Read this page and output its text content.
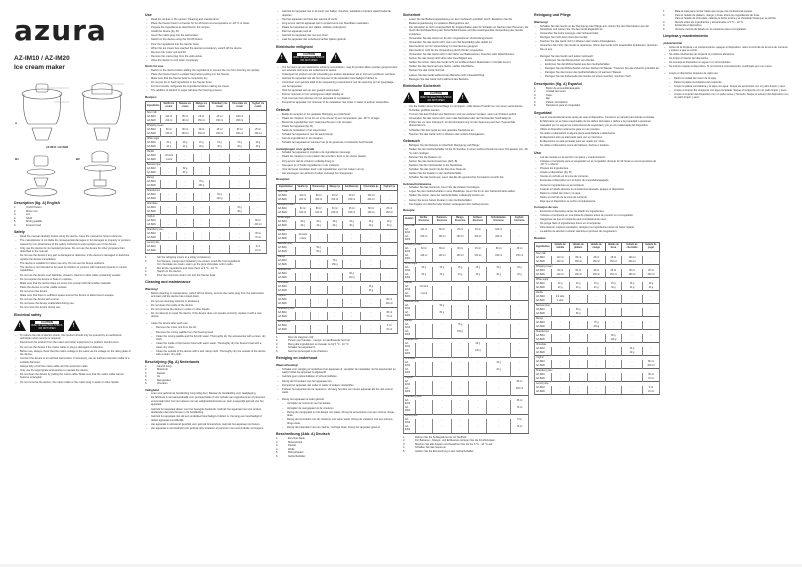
azura
AZ-IM10 / AZ-IM20
Ice cream maker
A
AZ-IM10 / AZ-IM20
B1	B2
Description (fig. A) English
1.	On/Off button
2.	Motor unit
3.	Lid
4.	Shaft
5.	Mixing paddle
6.	Freezer bowl
Safety
– Read the manual carefully before using the device. Keep the manual for future reference.
– The manufacturer is not liable for consequential damages or for damages to property or persons caused by non-observance of the safety instructions and improper use of the device.
– Only use the device for its intended purpose. Do not use the device for other purposes than described in the manual.
– Do not use the device if any part is damaged or defective. If the device is damaged or defective, replace the device immediately.
– The device is suitable for indoor use only. Do not use the device outdoors.
– The device is not intended to be used by children or persons with reduced physical or mental capabilities.
– Do not use the device near bathtubs, showers, basins or other water containing vessels.
– Do not expose the device to heat or moisture.
– Make sure that the device does not come into contact with flammable materials.
– Place the device on a flat, stable surface.
– Do not cover the device.
– Make sure that there is sufficient space around the device to allow heat to escape.
– Do not use the device with a timer.
– Do not leave the device unattended during use.
– Do not move the device during use.
Electrical safety
!
CAUTION
RISK OF ELECTRIC SHOCK DO NOT OPEN
!
– To reduce the risk of electric shock, this product should only be opened by an authorized technician when service is required.
– Disconnect the product from the mains and other equipment if a problem should occur.
– Do not use the device if the mains cable or plug is damaged or defective.
– Before use, always check that the mains voltage is the same as the voltage on the rating plate of the device.
– Connect the device to an earthed wall socket. If necessary, use an earthed extension cable of a suitable diameter.
– Always fully unroll the mains cable and the extension cable.
– Only use the appropriate accessories to operate the device.
– Do not clean the device by pulling the mains cable. Make sure that the mains cable cannot become entangled.
– Do not immerse the device, the mains cable or the mains plug in water or other liquids.
Use
– Read the recipes in the section 'Cleaning and maintenance'.
– Place the freezer bowl in a freezer for 12-16 hours at a temperature of -18 °C or lower.
– Prepare the ingredients as described in the recipes.
– Install the device (fig. B).
– Insert the mains plug into the wall socket.
– Switch on the device using the On/Off button.
– Pour the ingredients into the freezer bowl.
– When the ice cream has reached the desired consistency, switch off the device.
– Remove the motor unit and lid.
– Remove the mains plug from the wall socket.
– Allow the device to cool down completely.
Hints for use
– Switch on the device before adding the ingredients to prevent the mix from freezing too quickly.
– Place the freezer bowl in a plastic bag before putting it in the freezer.
– Make sure that the freezer bowl is completely dry.
– Do not put ice or hard ingredients in the freezer bowl.
– For best results, refrigerate the ingredients before making ice cream.
– The addition of alcohol or sugar will slow the freezing process.
Recipes
Ingredients	Vanilla ice cream	Banana ice cream	Mango ice cream	Strawberry ice cream	Chocolate ice cream	Yoghurt ice cream
Sour milk						
AZ-IM10	110 ml	80 ml	25 ml	45 ml	100 ml	-
AZ-IM20	220 ml	160 ml	150 ml	150 ml	200 ml	-
Whipping cream						
AZ-IM10	60 ml	80 ml	30 ml	45 ml	80 ml	25 ml
AZ-IM20	120 ml	160 ml	150 ml	150 ml	160 ml	150 ml
White sugar						
AZ-IM10	20 g	20 g	15 g	15 g	15 g	20 g
AZ-IM20	40 g	40 g	40 g	30 g	40 g	40 g
Vanilla						
AZ-IM10	1/2 stick	-	-	-	-	-
AZ-IM20	1 stick	-	-	-	-	-
Banana (ripe)						
AZ-IM10	-	50 g	-	-	-	-
AZ-IM20	-	80 g	-	-	-	-
Mango						
AZ-IM10	-	-	75 g	-	-	-
AZ-IM20	-	-	150 g	-	-	-
Strawberries						
AZ-IM10	-	-	-	60 g	-	-
AZ-IM20	-	-	-	120 g	-	-
Chocolate						
AZ-IM10	-	-	-	-	15 g	-
AZ-IM20	-	-	-	-	40 g	-
Yoghurt						
AZ-IM10	-	-	-	-	-	80 ml
AZ-IM20	-	-	-	-	-	200 ml
Strawberry juice						
AZ-IM10	-	-	-	-	-	35 ml
AZ-IM20	-	-	-	-	-	70 ml
Lemon juice						
AZ-IM10	-	-	-	-	-	5 ml
AZ-IM20	-	-	-	-	-	10 ml
1.	Stir the whipping cream to a sticky consistency.
2.	For banana, mango and strawberry ice cream, mash the fruit ingredients.
For chocolate ice cream, warm up the pure chocolate until it melts.
3.	Mix all the ingredients and store them at 5 °C - 10 °C.
4.	Switch on the device.
5.	Pour the mixed ice cream mix into the freezer bowl.
Cleaning and maintenance
Warning!
– Before cleaning or maintenance, switch off the device, remove the mains plug from the wall socket and wait until the device has cooled down.
– Do not use cleaning solvents or abrasives.
– Do not clean the inside of the device.
– Do not immerse the device in water or other liquids.
– Do not attempt to repair the device. If the device does not operate correctly, replace it with a new device.
– Clean the device after each use:
– Remove the motor unit from the lid.
– Remove the mixing paddle from the freezing bowl.
– Clean the mixing paddle and the lid with water. Thoroughly dry the accessories with a clean, dry cloth.
– Clean the inside of the freezer bowl with warm water. Thoroughly dry the freezer bowl with a clean, dry cloth.
– Clean the outside of the device with a soft, damp cloth. Thoroughly dry the outside of the device with a clean, dry cloth.
Beschrijving (fig. A) Nederlands
1.	Aan/uit-knop
2.	Motorunit
3.	Deksel
4.	As
5.	Mengspatel
6.	Vrieskom
Veiligheid
– Lees voor gebruik de handleiding zorgvuldig door. Bewaar de handleiding voor raadpleging.
– De fabrikant is niet aansprakelijk voor gevolgschade of voor schade aan eigendommen of personen, veroorzaakt door het niet naleven van de veiligheidsinstructies en door oneigenlijk gebruik van het apparaat.
– Gebruik het apparaat alleen voor het beoogde doeleinde. Gebruik het apparaat niet voor andere doeleinden dan beschreven in de handleiding.
– Gebruik het apparaat niet als een onderdeel beschadigd of defect is. Vervang een beschadigd of defect apparaat onmiddellijk.
– Het apparaat is uitsluitend geschikt voor gebruik binnenshuis. Gebruik het apparaat niet buiten.
– Het apparaat is niet bedoeld voor gebruik door kinderen of personen met verminderde vermogens.
– Gebruik het apparaat niet in de buurt van baden, douches, wastafels of andere waterhoudende objecten.
– Stel het apparaat niet bloot aan warmte of vocht.
– Zorg ervoor dat het apparaat niet in contact komt met brandbare materialen.
– Plaats het apparaat op een vlakke, stabiele ondergrond.
– Dek het apparaat nooit af.
– Gebruik het apparaat niet met een timer.
– Laat het apparaat niet onbeheerd achter tijdens gebruik.
Elektrische veiligheid
!
CAUTION
RISK OF ELECTRIC SHOCK DO NOT OPEN
!
– Om het risico op een elektrische schok te verminderen, mag dit product alleen worden geopend door een erkende technicus als onderhoud is vereist.
– Ontkoppel het product van de netvoeding en andere apparatuur als er zich een probleem voordoet.
– Gebruik het apparaat niet als het netsnoer of de netstekker beschadigd of defect is.
– Controleer voor gebruik altijd of de netspanning overeenkomt met de spanning op het typeplaatje van het apparaat.
– Sluit het apparaat aan op een geaard stopcontact.
– Rol het netsnoer en het verlengsnoer altijd volledig af.
– Trek nooit aan het netsnoer om het apparaat te verplaatsen.
– Dompel het apparaat, het netsnoer of de netstekker niet onder in water of andere vloeistoffen.
Gebruik
– Bekijk de recepten in het gedeelte 'Reiniging en onderhoud'.
– Plaats de vrieskom 12 tot 16 uur in de vriezer bij een temperatuur van -18 °C of lager.
– Bereid de ingrediënten voor zoals beschreven in de recepten.
– Plaats het apparaat (fig. B).
– Steek de netstekker in het stopcontact.
– Schakel het apparaat in met de aan/uit-knop.
– Giet de ingrediënten in de vrieskom.
– Schakel het apparaat uit wanneer het ijs de gewenste consistentie heeft bereikt.
Aanwijzingen voor gebruik
– Schakel het apparaat in voordat u de ingrediënten toevoegt.
– Plaats de vrieskom in een plastic zak voordat u deze in de vriezer plaatst.
– Zorg ervoor dat de vrieskom volledig droog is.
– Doe geen ijs of harde ingrediënten in de vrieskom.
– Voor de beste resultaten koelt u de ingrediënten voor het maken van ijs.
– Het toevoegen van alcohol of suiker vertraagt het vriesproces.
Recepten
Ingrediënten	Vanille ijs	Bananenijs	Mango ijs	Aardbeienijs	Chocolade ijs	Yoghurt ijs
Sour milk						
AZ-IM10	110 ml	80 ml	25 ml	45 ml	100 ml	-
AZ-IM20	220 ml	160 ml	150 ml	150 ml	200 ml	-
Whipping cream						
AZ-IM10	60 ml	80 ml	30 ml	45 ml	80 ml	25 ml
AZ-IM20	120 ml	160 ml	150 ml	150 ml	160 ml	150 ml
White sugar						
AZ-IM10	20 g	20 g	15 g	15 g	15 g	20 g
AZ-IM20	40 g	40 g	40 g	30 g	40 g	40 g
Vanilla						
AZ-IM10	1/2 stick	-	-	-	-	-
AZ-IM20	1 stick	-	-	-	-	-
Banana (ripe)						
AZ-IM10	-	50 g	-	-	-	-
AZ-IM20	-	80 g	-	-	-	-
Mango						
AZ-IM10	-	-	75 g	-	-	-
AZ-IM20	-	-	150 g	-	-	-
Strawberries						
AZ-IM10	-	-	-	60 g	-	-
AZ-IM20	-	-	-	120 g	-	-
Chocolate						
AZ-IM10	-	-	-	-	15 g	-
AZ-IM20	-	-	-	-	40 g	-
Yoghurt						
AZ-IM10	-	-	-	-	-	80 ml
AZ-IM20	-	-	-	-	-	200 ml
Strawberry juice						
AZ-IM10	-	-	-	-	-	35 ml
AZ-IM20	-	-	-	-	-	70 ml
Lemon juice						
AZ-IM10	-	-	-	-	-	5 ml
AZ-IM20	-	-	-	-	-	10 ml
1.	Roer de slagroom stijf.
2.	Pureer voor banaan-, mango- en aardbeienijs het fruit.
3.	Meng alle ingrediënten en bewaar ze bij 5 °C - 10 °C.
4.	Schakel het apparaat in.
5.	Giet het ijsmengsel in de vrieskom.
Reiniging en onderhoud
Waarschuwing!
– Schakel voor reiniging of onderhoud het apparaat uit, verwijder de netstekker uit het stopcontact en wacht totdat het apparaat is afgekoeld.
– Gebruik geen oplosmiddelen of schuurmiddelen.
– Reinig de binnenkant van het apparaat niet.
– Dompel het apparaat niet onder in water of andere vloeistoffen.
– Probeer het apparaat niet te repareren. Vervang het door een nieuw apparaat als het niet correct werkt.
– Reinig het apparaat na ieder gebruik:
– Verwijder de motorunit van het deksel.
– Verwijder de mengspatel uit de vrieskom.
– Reinig de mengspatel en het deksel met water. Droog de accessoires met een schone, droge doek.
– Reinig de binnenkant van de vrieskom met warm water. Droog de vrieskom met een schone, droge doek.
– Reinig de buitenkant met een zachte, vochtige doek. Droog het apparaat goed af.
Beschreibung (Abb. A) Deutsch
1.	Ein-/Aus-Taste
2.	Motoreinheit
3.	Deckel
4.	Welle
5.	Rührschaufel
6.	Gefrierbehälter
Sicherheit
– Lesen Sie die Bedienungsanleitung vor dem Gebrauch gründlich durch. Bewahren Sie die Bedienungsanleitung zur späteren Bezugnahme auf.
– Der Hersteller ist nicht verantwortlich für Folgeschäden oder für Schäden an Sachen oder Personen, die durch die Nichtbeachtung der Sicherheitshinweise und die unsachgemäße Verwendung des Geräts entstehen.
– Verwenden Sie das Gerät nur für den vorgesehenen Verwendungszweck.
– Verwenden Sie das Gerät nicht, wenn ein Teil beschädigt oder defekt ist.
– Das Gerät ist nur zur Verwendung in Innenräumen geeignet.
– Das Gerät ist nicht für die Verwendung durch Kinder vorgesehen.
– Verwenden Sie das Gerät nicht in der Nähe von Badewannen, Duschen oder Waschbecken.
– Setzen Sie das Gerät nicht Hitze oder Feuchtigkeit aus.
– Stellen Sie sicher, dass das Gerät nicht mit entflammbaren Materialien in Kontakt kommt.
– Stellen Sie das Gerät auf eine flache, stabile Oberfläche.
– Decken Sie das Gerät nicht ab.
– Lassen Sie das Gerät während des Betriebs nicht unbeaufsichtigt.
– Bewegen Sie das Gerät nicht während des Betriebs.
Elektrische Sicherheit
!
CAUTION
RISK OF ELECTRIC SHOCK DO NOT OPEN
!
– Um die Gefahr eines Stromschlags zu verringern, sollte dieses Produkt nur von einem autorisierten Techniker geöffnet werden.
– Trennen Sie das Produkt vom Netzstrom und von anderen Geräten, wenn ein Problem auftritt.
– Verwenden Sie das Gerät nicht, wenn das Netzkabel oder der Netzstecker beschädigt ist.
– Prüfen Sie vor dem Gebrauch, ob die Netzspannung mit der Spannung auf dem Typenschild übereinstimmt.
– Schließen Sie das Gerät an eine geerdete Steckdose an.
– Tauchen Sie das Gerät nicht in Wasser oder andere Flüssigkeiten.
Gebrauch
– Befolgen Sie die Rezepte im Abschnitt 'Reinigung und Pflege'.
– Stellen Sie den Gefrierbehälter 12 bis 16 Stunden in einen Gefrierschrank bei einer Temperatur von -18 °C oder niedriger.
– Bereiten Sie die Zutaten vor.
– Setzen Sie das Gerät zusammen (Abb. B).
– Stecken Sie den Netzstecker in die Steckdose.
– Schalten Sie das Gerät mit der Ein-/Aus-Taste ein.
– Gießen Sie die Zutaten in den Gefrierbehälter.
– Schalten Sie das Gerät aus, wenn das Eis die gewünschte Konsistenz erreicht hat.
Gebrauchshinweise
– Schalten Sie das Gerät ein, bevor Sie die Zutaten hinzufügen.
– Legen Sie den Gefrierbehälter in eine Plastiktüte, bevor Sie ihn in den Gefrierschrank stellen.
– Stellen Sie sicher, dass der Gefrierbehälter vollständig trocken ist.
– Geben Sie keine harten Zutaten in den Gefrierbehälter.
– Die Zugabe von Alkohol oder Zucker verlangsamt den Gefrierprozess.
Rezepte
Zutaten	Vanille-Eiscreme	Bananen-Eiscreme	Mango-Eiscreme	Erdbeer-Eiscreme	Schokoladen-Eiscreme	Joghurt-Eiscreme
Sour milk						
AZ-IM10	110 ml	80 ml	25 ml	45 ml	100 ml	-
AZ-IM20	220 ml	160 ml	150 ml	150 ml	200 ml	-
Whipping cream						
AZ-IM10	60 ml	80 ml	30 ml	45 ml	80 ml	25 ml
AZ-IM20	120 ml	160 ml	150 ml	150 ml	160 ml	150 ml
White sugar						
AZ-IM10	20 g	20 g	15 g	15 g	15 g	20 g
AZ-IM20	40 g	40 g	40 g	30 g	40 g	40 g
Vanilla						
AZ-IM10	1/2 stick	-	-	-	-	-
AZ-IM20	1 stick	-	-	-	-	-
Banana (ripe)						
AZ-IM10	-	50 g	-	-	-	-
AZ-IM20	-	80 g	-	-	-	-
Mango						
AZ-IM10	-	-	75 g	-	-	-
AZ-IM20	-	-	150 g	-	-	-
Strawberries						
AZ-IM10	-	-	-	60 g	-	-
AZ-IM20	-	-	-	120 g	-	-
Chocolate						
AZ-IM10	-	-	-	-	15 g	-
AZ-IM20	-	-	-	-	40 g	-
Yoghurt						
AZ-IM10	-	-	-	-	-	80 ml
AZ-IM20	-	-	-	-	-	200 ml
Strawberry juice						
AZ-IM10	-	-	-	-	-	35 ml
AZ-IM20	-	-	-	-	-	70 ml
Lemon juice						
AZ-IM10	-	-	-	-	-	5 ml
AZ-IM20	-	-	-	-	-	10 ml
1.	Rühren Sie die Schlagsahne bis zur Steifheit.
2.	Für Bananen-, Mango- und Erdbeereis pürieren Sie die Fruchtzutaten.
3.	Mischen Sie alle Zutaten und bewahren Sie sie bei 5 °C - 10 °C auf.
4.	Schalten Sie das Gerät ein.
5.	Gießen Sie die Eismischung in den Gefrierbehälter.
Reinigung und Pflege
Warnung!
– Schalten Sie das Gerät vor der Reinigung oder Pflege aus, ziehen Sie den Netzstecker aus der Steckdose und warten Sie, bis das Gerät abgekühlt ist.
– Verwenden Sie keine Lösungs- oder Scheuermittel.
– Reinigen Sie nicht das Innere des Geräts.
– Tauchen Sie das Gerät nicht in Wasser oder andere Flüssigkeiten.
– Versuchen Sie nicht, das Gerät zu reparieren. Wenn das Gerät nicht einwandfrei funktioniert, tauschen Sie es aus.
– Reinigen Sie das Gerät nach jedem Gebrauch:
– Entfernen Sie die Motoreinheit vom Deckel.
– Entfernen Sie die Rührschaufel aus dem Gefrierbehälter.
– Reinigen Sie die Rührschaufel und den Deckel mit Wasser. Trocknen Sie das Zubehör gründlich ab.
– Reinigen Sie das Innere des Gefrierbehälters mit warmem Wasser.
– Reinigen Sie die Außenseite des Geräts mit einem weichen, feuchten Tuch.
Descripción (fig. A) Español
1.	Botón de encendido/apagado
2.	Unidad del motor
3.	Tapa
4.	Eje
5.	Paleta mezcladora
6.	Recipiente para el congelador
Seguridad
– Lea el manual atentamente antes de usar el dispositivo. Conserve el manual para futuras consultas.
– El fabricante no se hace responsable de los daños derivados o daños a la propiedad o personas causados por no seguir las instrucciones de seguridad y por el uso inadecuado del dispositivo.
– Utilice el dispositivo solamente para su uso previsto.
– No utilice el dispositivo si alguna pieza está dañada o defectuosa.
– El dispositivo solo es adecuado para uso en interiores.
– El dispositivo no está pensado para ser usado por niños.
– No utilice el dispositivo cerca de bañeras, duchas o lavabos.
Uso
– Lea las recetas en la sección 'Limpieza y mantenimiento'.
– Coloque el recipiente para el congelador en el congelador durante 12-16 horas a una temperatura de -18 °C o inferior.
– Prepare los ingredientes.
– Instale el dispositivo (fig. B).
– Inserte el enchufe en la toma de corriente.
– Encienda el dispositivo con el botón de encendido/apagado.
– Vierta los ingredientes en el recipiente.
– Cuando el helado alcance la consistencia deseada, apague el dispositivo.
– Retire la unidad del motor y la tapa.
– Retire el enchufe de la toma de corriente.
– Deje que el dispositivo se enfríe completamente.
Consejos de uso
– Encienda el dispositivo antes de añadir los ingredientes.
– Coloque el recipiente en una bolsa de plástico antes de ponerlo en el congelador.
– Asegúrese de que el recipiente esté completamente seco.
– No ponga hielo ni ingredientes duros en el recipiente.
– Para obtener mejores resultados, refrigere los ingredientes antes de hacer helado.
– La adición de alcohol o azúcar ralentiza el proceso de congelación.
Recetas
Ingredientes	Helado de vainilla	Helado de plátano	Helado de mango	Helado de fresa	Helado de chocolate	Helado de yogur
Sour milk						
AZ-IM10	110 ml	80 ml	25 ml	45 ml	100 ml	-
AZ-IM20	220 ml	160 ml	150 ml	150 ml	200 ml	-
Whipping cream						
AZ-IM10	60 ml	80 ml	30 ml	45 ml	80 ml	25 ml
AZ-IM20	120 ml	160 ml	150 ml	150 ml	160 ml	150 ml
White sugar						
AZ-IM10	20 g	20 g	15 g	15 g	15 g	20 g
AZ-IM20	40 g	40 g	40 g	30 g	40 g	40 g
Vanilla						
AZ-IM10	1/2 stick	-	-	-	-	-
AZ-IM20	1 stick	-	-	-	-	-
Banana (ripe)						
AZ-IM10	-	50 g	-	-	-	-
AZ-IM20	-	80 g	-	-	-	-
Mango						
AZ-IM10	-	-	75 g	-	-	-
AZ-IM20	-	-	150 g	-	-	-
Strawberries						
AZ-IM10	-	-	-	60 g	-	-
AZ-IM20	-	-	-	120 g	-	-
Chocolate						
AZ-IM10	-	-	-	-	15 g	-
AZ-IM20	-	-	-	-	40 g	-
Yoghurt						
AZ-IM10	-	-	-	-	-	80 ml
AZ-IM20	-	-	-	-	-	200 ml
Strawberry juice						
AZ-IM10	-	-	-	-	-	35 ml
AZ-IM20	-	-	-	-	-	70 ml
Lemon juice						
AZ-IM10	-	-	-	-	-	5 ml
AZ-IM20	-	-	-	-	-	10 ml
1.	Bata la nata para montar hasta que tenga una consistencia espesa.
2.	Para el helado de plátano, mango y fresa, triture los ingredientes de fruta.
Para el helado de chocolate, caliente la leche entera y el chocolate hasta que se derrita.
3.	Mezcle todos los ingredientes y almacénelos a 5 °C - 10 °C.
4.	Encienda el dispositivo.
5.	Vierta la mezcla de helado en el recipiente para el congelador.
Limpieza y mantenimiento
¡Advertencia!
– Antes de la limpieza o el mantenimiento, apague el dispositivo, retire el enchufe de la toma de corriente y espere a que se enfríe.
– No utilice disolventes de limpieza ni productos abrasivos.
– No limpie el interior del dispositivo.
– No sumerja el dispositivo en agua ni en otros líquidos.
– No intente reparar el dispositivo. Si no funciona correctamente, sustitúyalo por uno nuevo.
– Limpie el dispositivo después de cada uso:
– Retire la unidad del motor de la tapa.
– Retire la paleta mezcladora del recipiente.
– Limpie la paleta mezcladora y la tapa con agua. Seque los accesorios con un paño limpio y seco.
– Limpie el interior del recipiente con agua templada. Seque el recipiente con un paño limpio y seco.
– Limpie el exterior del dispositivo con un paño suave y húmedo. Seque el exterior del dispositivo con un paño limpio y seco.
